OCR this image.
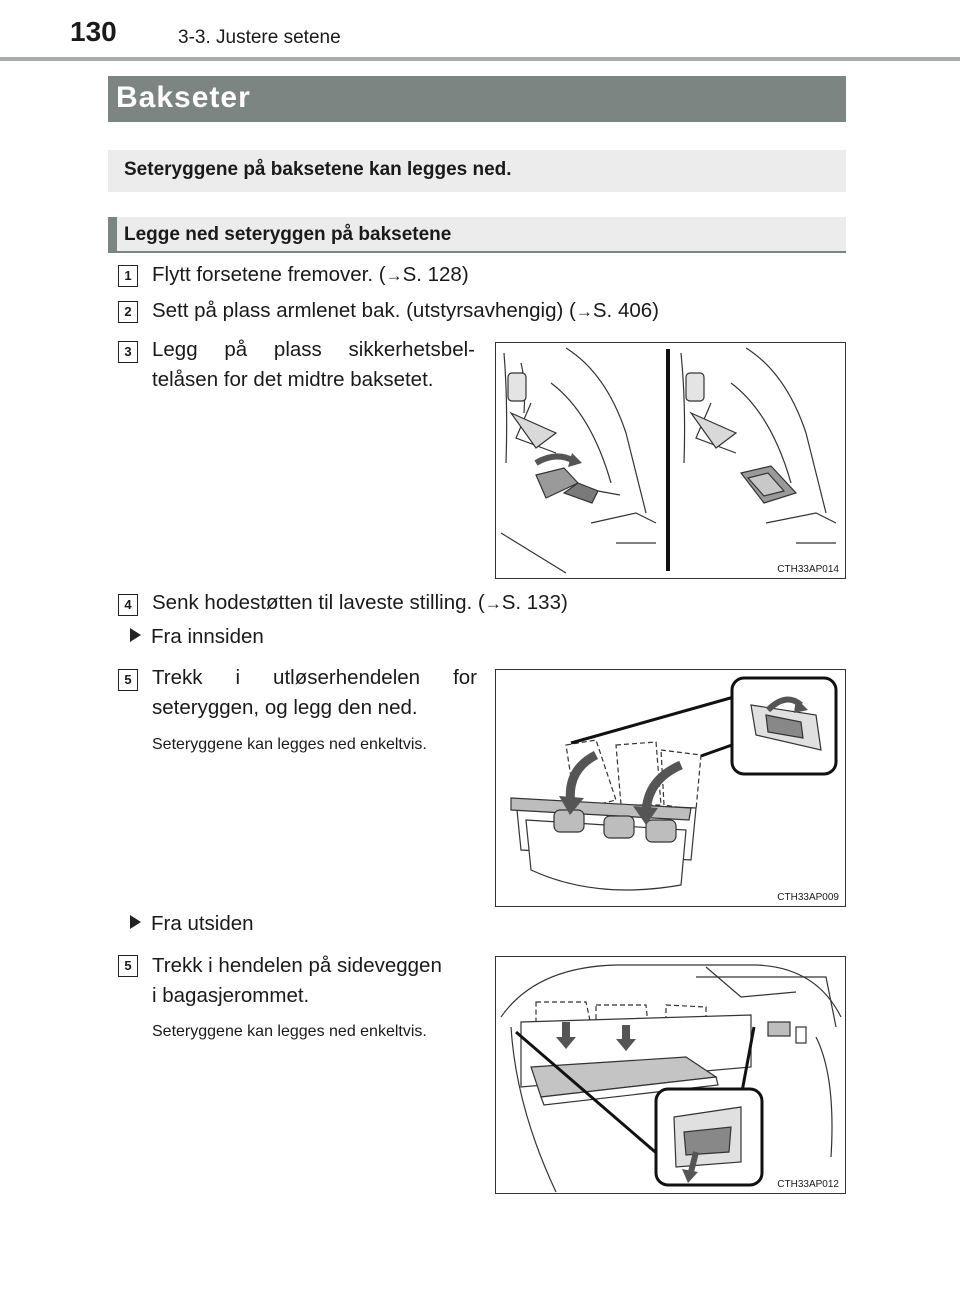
130	3-3. Justere setene
Bakseter
Seteryggene på baksetene kan legges ned.
Legge ned seteryggen på baksetene
1 Flytt forsetene fremover. (→S. 128)
2 Sett på plass armlenet bak. (utstyrsavhengig) (→S. 406)
3 Legg på plass sikkerhetsbel-
telåsen for det midtre baksetet.
CTH33AP014
4 Senk hodestøtten til laveste stilling. (→S. 133)
Fra innsiden
5 Trekk i utløserhendelen for
seteryggen, og legg den ned.
Seteryggene kan legges ned enkeltvis.
CTH33AP009
Fra utsiden
5 Trekk i hendelen på sideveggen
i bagasjerommet.
Seteryggene kan legges ned enkeltvis.
CTH33AP012
